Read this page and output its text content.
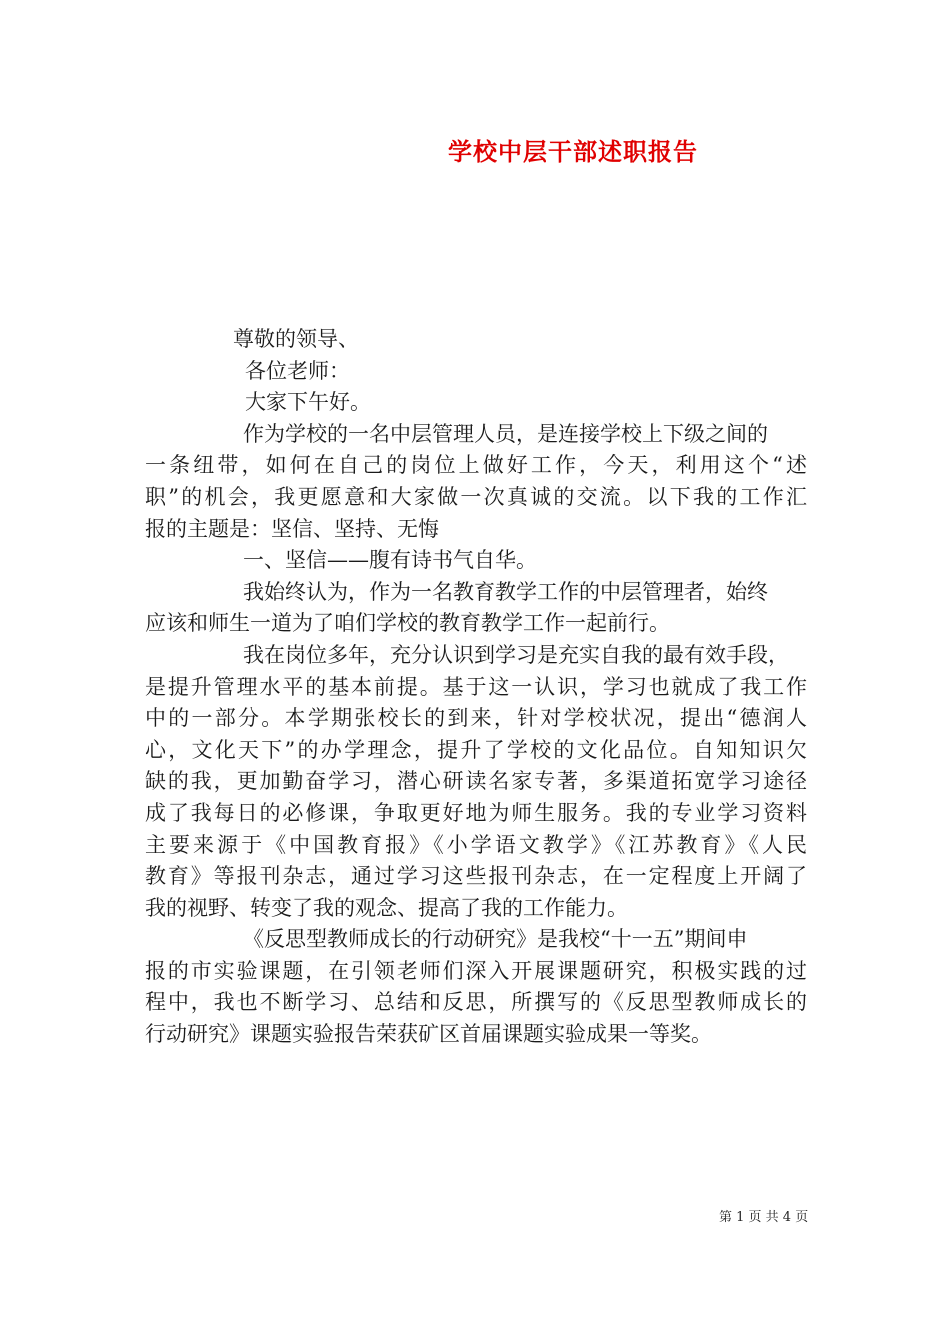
学校中层干部述职报告
尊敬的领导、
各位老师：
大家下午好。
作为学校的一名中层管理人员，是连接学校上下级之间的
一条纽带，如何在自己的岗位上做好工作，今天，利用这个“述
职”的机会，我更愿意和大家做一次真诚的交流。以下我的工作汇
报的主题是：坚信、坚持、无悔
一、坚信——腹有诗书气自华。
我始终认为，作为一名教育教学工作的中层管理者，始终
应该和师生一道为了咱们学校的教育教学工作一起前行。
我在岗位多年，充分认识到学习是充实自我的最有效手段，
是提升管理水平的基本前提。基于这一认识，学习也就成了我工作
中的一部分。本学期张校长的到来，针对学校状况，提出“德润人
心，文化天下”的办学理念，提升了学校的文化品位。自知知识欠
缺的我，更加勤奋学习，潜心研读名家专著，多渠道拓宽学习途径
成了我每日的必修课，争取更好地为师生服务。我的专业学习资料
主要来源于《中国教育报》《小学语文教学》《江苏教育》《人民
教育》等报刊杂志，通过学习这些报刊杂志，在一定程度上开阔了
我的视野、转变了我的观念、提高了我的工作能力。
《反思型教师成长的行动研究》是我校“十一五”期间申
报的市实验课题，在引领老师们深入开展课题研究，积极实践的过
程中，我也不断学习、总结和反思，所撰写的《反思型教师成长的
行动研究》课题实验报告荣获矿区首届课题实验成果一等奖。
第 1 页 共 4 页
